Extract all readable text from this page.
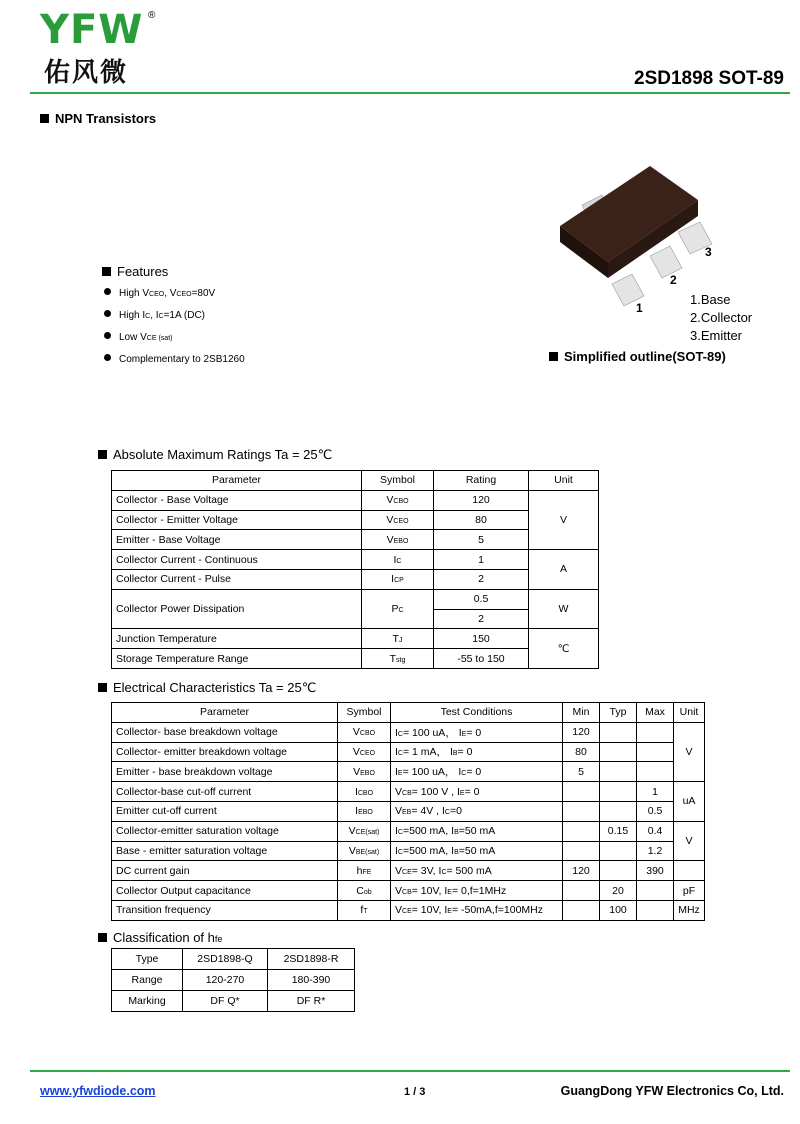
YFW ®
佑风微	2SD1898 SOT-89
NPN Transistors
Features
High VCEO, VCEO=80V
High IC, IC=1A (DC)
Low VCE (sat)
Complementary to 2SB1260
3
2
1
1.Base
2.Collector
3.Emitter
Simplified outline(SOT-89)
Absolute Maximum Ratings Ta = 25℃
Parameter	Symbol	Rating	Unit
Collector - Base Voltage	VCBO	120	V
Collector - Emitter Voltage	VCEO	80	
Emitter - Base Voltage	VEBO	5	
Collector Current - Continuous	IC	1	A
Collector Current - Pulse	ICP	2	
Collector Power Dissipation	PC	0.5	W
		2	
Junction Temperature	TJ	150	℃
Storage Temperature Range	Tstg	-55 to 150	
Electrical Characteristics Ta = 25℃
Parameter	Symbol	Test Conditions	Min	Typ	Max	Unit
Collector- base breakdown voltage	VCBO	IC= 100 uA， IE= 0	120			V
Collector- emitter breakdown voltage	VCEO	IC= 1 mA， IB= 0	80			
Emitter - base breakdown voltage	VEBO	IE= 100 uA， IC= 0	5			
Collector-base cut-off current	ICBO	VCB= 100 V , IE= 0			1	uA
Emitter cut-off current	IEBO	VEB= 4V , IC=0			0.5	
Collector-emitter saturation voltage	VCE(sat)	IC=500 mA, IB=50 mA		0.15	0.4	V
Base - emitter saturation voltage	VBE(sat)	IC=500 mA, IB=50 mA			1.2	
DC current gain	hFE	VCE= 3V, IC= 500 mA	120		390	
Collector Output capacitance	Cob	VCB= 10V, IE= 0,f=1MHz		20		pF
Transition frequency	fT	VCE= 10V, IE= -50mA,f=100MHz		100		MHz
Classification of hfe
Type	2SD1898-Q	2SD1898-R
Range	120-270	180-390
Marking	DF Q*	DF R*
www.yfwdiode.com	1 / 3	GuangDong YFW Electronics Co, Ltd.
